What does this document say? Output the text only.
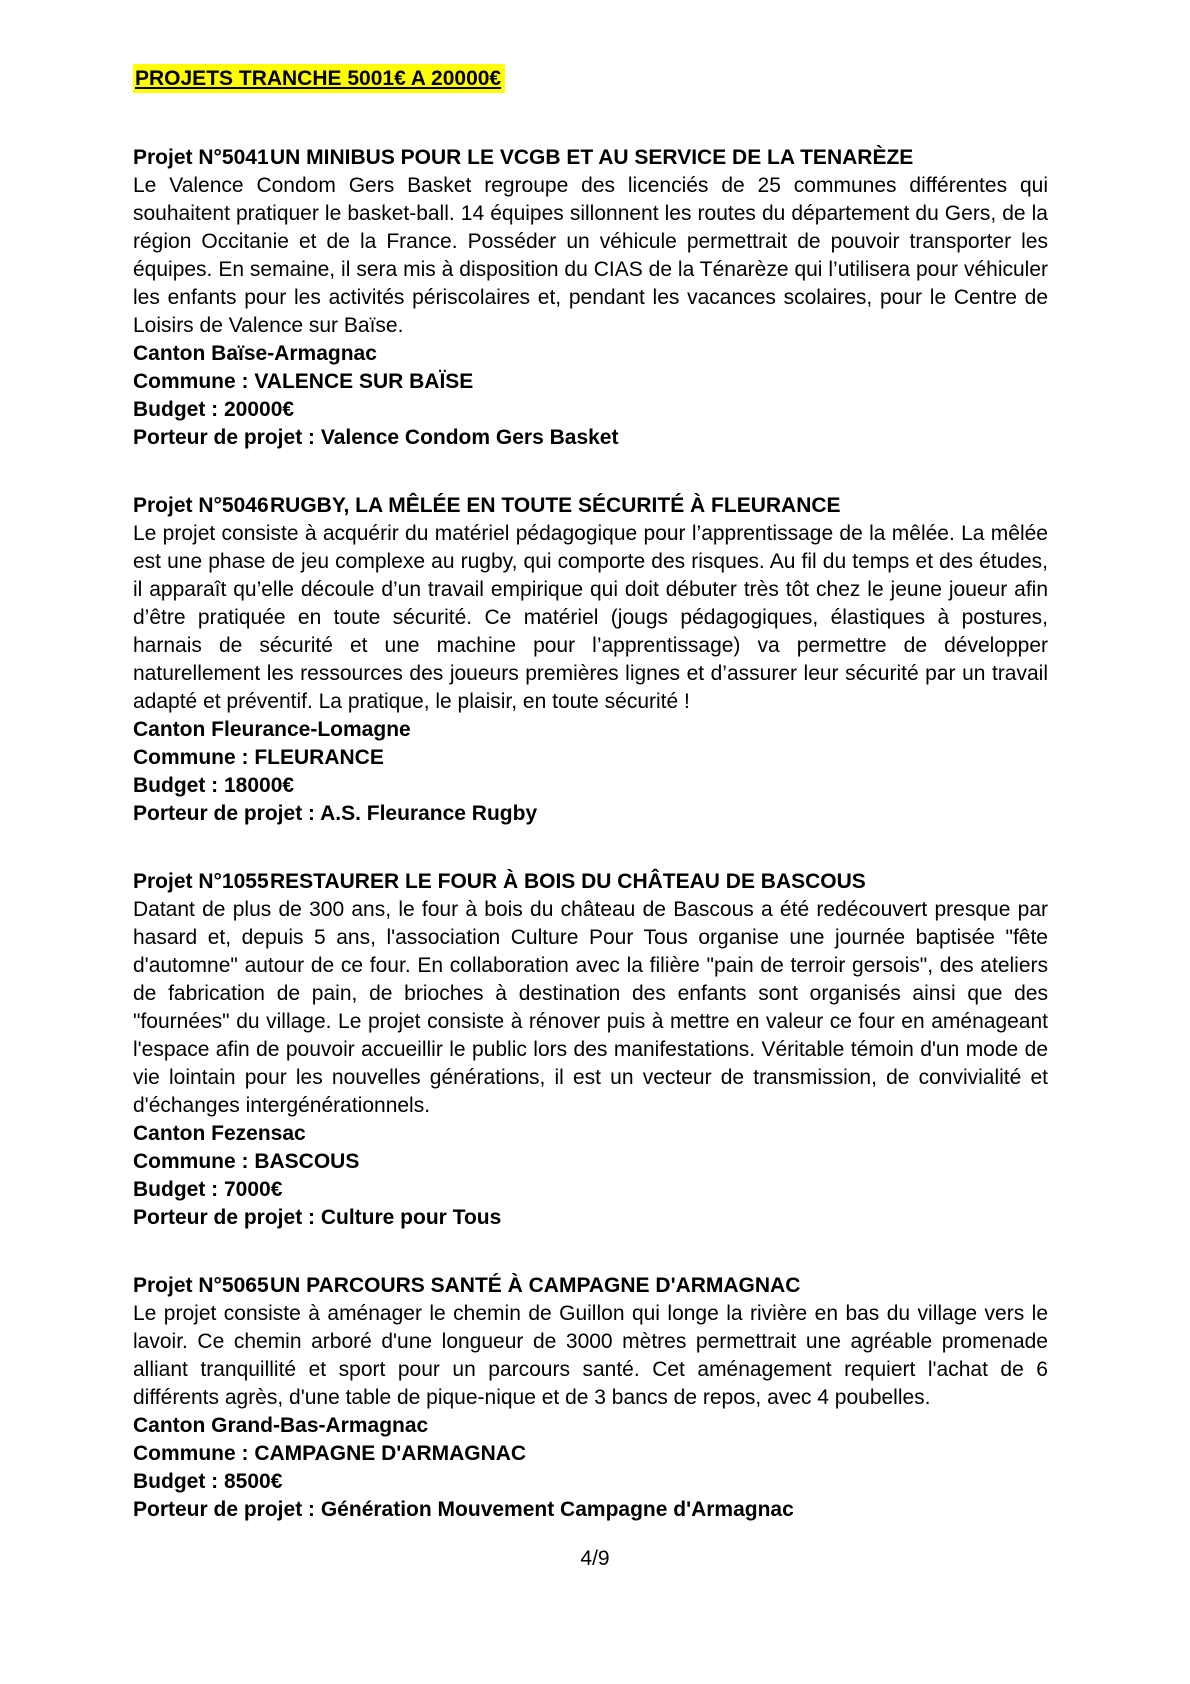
PROJETS TRANCHE 5001€ A 20000€

Projet N°5041UN MINIBUS POUR LE VCGB ET AU SERVICE DE LA TENARÈZE

Le Valence Condom Gers Basket regroupe des licenciés de 25 communes différentes qui souhaitent pratiquer le basket-ball. 14 équipes sillonnent les routes du département du Gers, de la région Occitanie et de la France. Posséder un véhicule permettrait de pouvoir transporter les équipes. En semaine, il sera mis à disposition du CIAS de la Ténarèze qui l’utilisera pour véhiculer les enfants pour les activités périscolaires et, pendant les vacances scolaires, pour le Centre de Loisirs de Valence sur Baïse.

Canton Baïse-Armagnac

Commune : VALENCE SUR BAÏSE

Budget : 20000€

Porteur de projet : Valence Condom Gers Basket

Projet N°5046RUGBY, LA MÊLÉE EN TOUTE SÉCURITÉ À FLEURANCE

Le projet consiste à acquérir du matériel pédagogique pour l’apprentissage de la mêlée. La mêlée est une phase de jeu complexe au rugby, qui comporte des risques. Au fil du temps et des études, il apparaît qu’elle découle d’un travail empirique qui doit débuter très tôt chez le jeune joueur afin d’être pratiquée en toute sécurité. Ce matériel (jougs pédagogiques, élastiques à postures, harnais de sécurité et une machine pour l’apprentissage) va permettre de développer naturellement les ressources des joueurs premières lignes et d’assurer leur sécurité par un travail adapté et préventif. La pratique, le plaisir, en toute sécurité !

Canton Fleurance-Lomagne

Commune : FLEURANCE

Budget : 18000€

Porteur de projet : A.S. Fleurance Rugby

Projet N°1055RESTAURER LE FOUR À BOIS DU CHÂTEAU DE BASCOUS

Datant de plus de 300 ans, le four à bois du château de Bascous a été redécouvert presque par hasard et, depuis 5 ans, l'association Culture Pour Tous organise une journée baptisée "fête d'automne" autour de ce four. En collaboration avec la filière "pain de terroir gersois", des ateliers de fabrication de pain, de brioches à destination des enfants sont organisés ainsi que des "fournées" du village. Le projet consiste à rénover puis à mettre en valeur ce four en aménageant l'espace afin de pouvoir accueillir le public lors des manifestations. Véritable témoin d'un mode de vie lointain pour les nouvelles générations, il est un vecteur de transmission, de convivialité et d'échanges intergénérationnels.

Canton Fezensac

Commune : BASCOUS

Budget : 7000€

Porteur de projet : Culture pour Tous

Projet N°5065UN PARCOURS SANTÉ À CAMPAGNE D'ARMAGNAC

Le projet consiste à aménager le chemin de Guillon qui longe la rivière en bas du village vers le lavoir. Ce chemin arboré d'une longueur de 3000 mètres permettrait une agréable promenade alliant tranquillité et sport pour un parcours santé. Cet aménagement requiert l'achat de 6 différents agrès, d'une table de pique-nique et de 3 bancs de repos, avec 4 poubelles.

Canton Grand-Bas-Armagnac

Commune : CAMPAGNE D'ARMAGNAC

Budget : 8500€

Porteur de projet : Génération Mouvement Campagne d'Armagnac

4/9
